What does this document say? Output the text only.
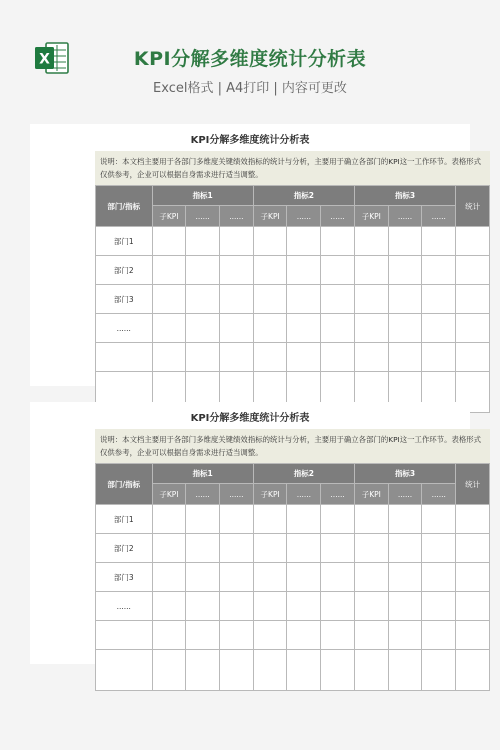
X	KPI分解多维度统计分析表
Excel格式 | A4打印 | 内容可更改
KPI分解多维度统计分析表
说明：本文档主要用于各部门多维度关键绩效指标的统计与分析，主要用于确立各部门的KPI这一工作环节。表格形式仅供参考，企业可以根据自身需求进行适当调整。
部门/指标	指标1			指标2			指标3			统计
	子KPI	......	......	子KPI	......	......	子KPI	......	......	
部门1										
部门2										
部门3										
......										

KPI分解多维度统计分析表
说明：本文档主要用于各部门多维度关键绩效指标的统计与分析，主要用于确立各部门的KPI这一工作环节。表格形式仅供参考，企业可以根据自身需求进行适当调整。
部门/指标	指标1			指标2			指标3			统计
	子KPI	......	......	子KPI	......	......	子KPI	......	......	
部门1										
部门2										
部门3										
......										
